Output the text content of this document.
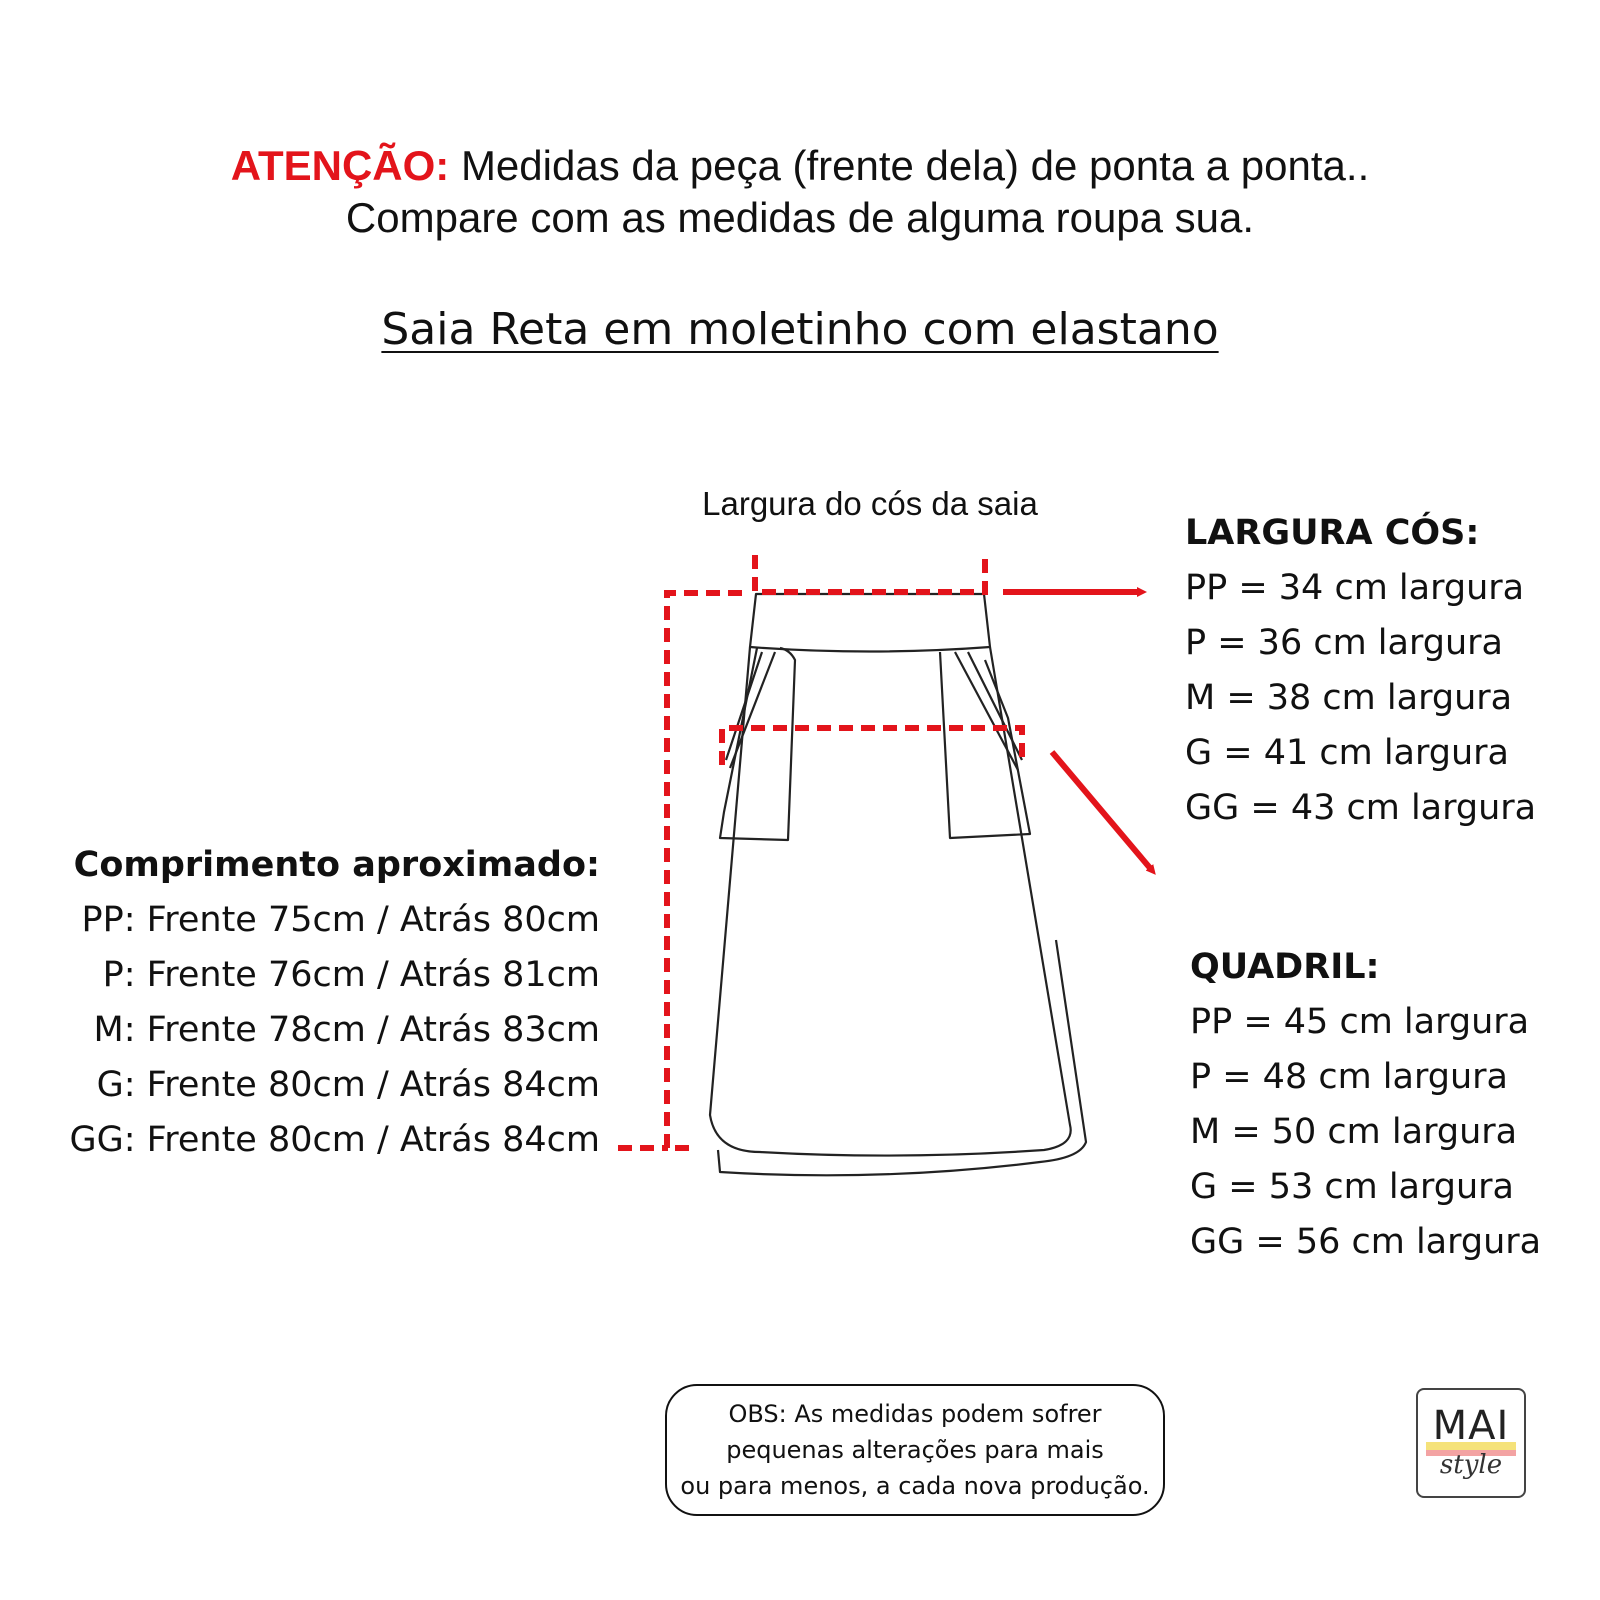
ATENÇÃO: Medidas da peça (frente dela) de ponta a ponta..
Compare com as medidas de alguma roupa sua.
Saia Reta em moletinho com elastano
Largura do cós da saia
Comprimento aproximado:
PP: Frente 75cm / Atrás 80cm
P: Frente 76cm / Atrás 81cm
M: Frente 78cm / Atrás 83cm
G: Frente 80cm / Atrás 84cm
GG: Frente 80cm / Atrás 84cm
LARGURA CÓS:
PP = 34 cm largura
P = 36 cm largura
M = 38 cm largura
G = 41 cm largura
GG = 43 cm largura
QUADRIL:
PP = 45 cm largura
P = 48 cm largura
M = 50 cm largura
G = 53 cm largura
GG = 56 cm largura
OBS: As medidas podem sofrer
pequenas alterações para mais
ou para menos, a cada nova produção.
MAI
style
